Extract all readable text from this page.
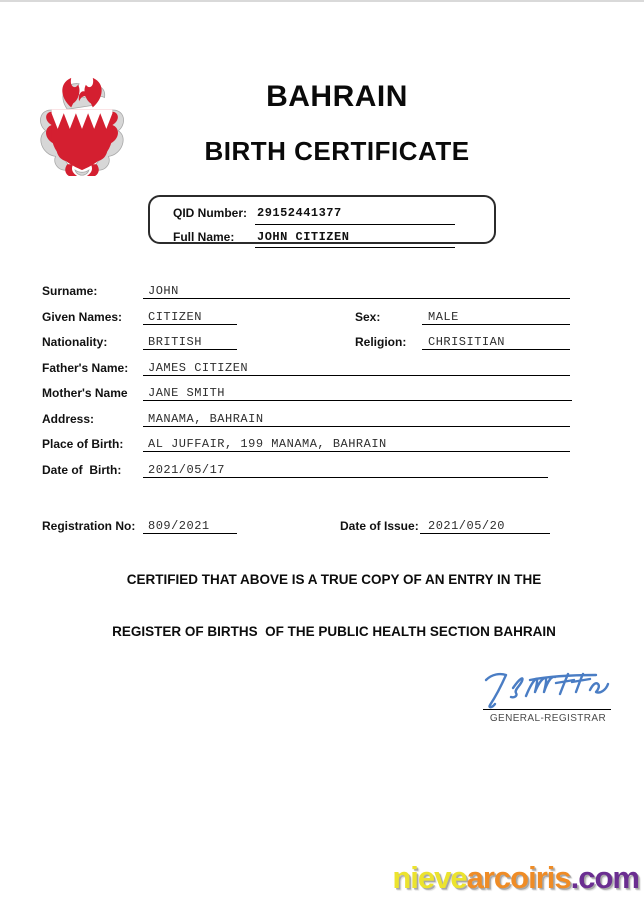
BAHRAIN
BIRTH CERTIFICATE
QID Number: 29152441377
Full Name: JOHN CITIZEN
Surname:	JOHN
Given Names: CITIZEN	Sex:	MALE
Nationality:	BRITISH	Religion: CHRISITIAN
Father's Name: JAMES CITIZEN
Mother's Name JANE SMITH
Address:	MANAMA, BAHRAIN
Place of Birth: AL JUFFAIR, 199 MANAMA, BAHRAIN
Date of  Birth: 2021/05/17
Registration No: 809/2021	Date of Issue: 2021/05/20
CERTIFIED THAT ABOVE IS A TRUE COPY OF AN ENTRY IN THE
REGISTER OF BIRTHS  OF THE PUBLIC HEALTH SECTION BAHRAIN
GENERAL-REGISTRAR
nievearcoiris.com
